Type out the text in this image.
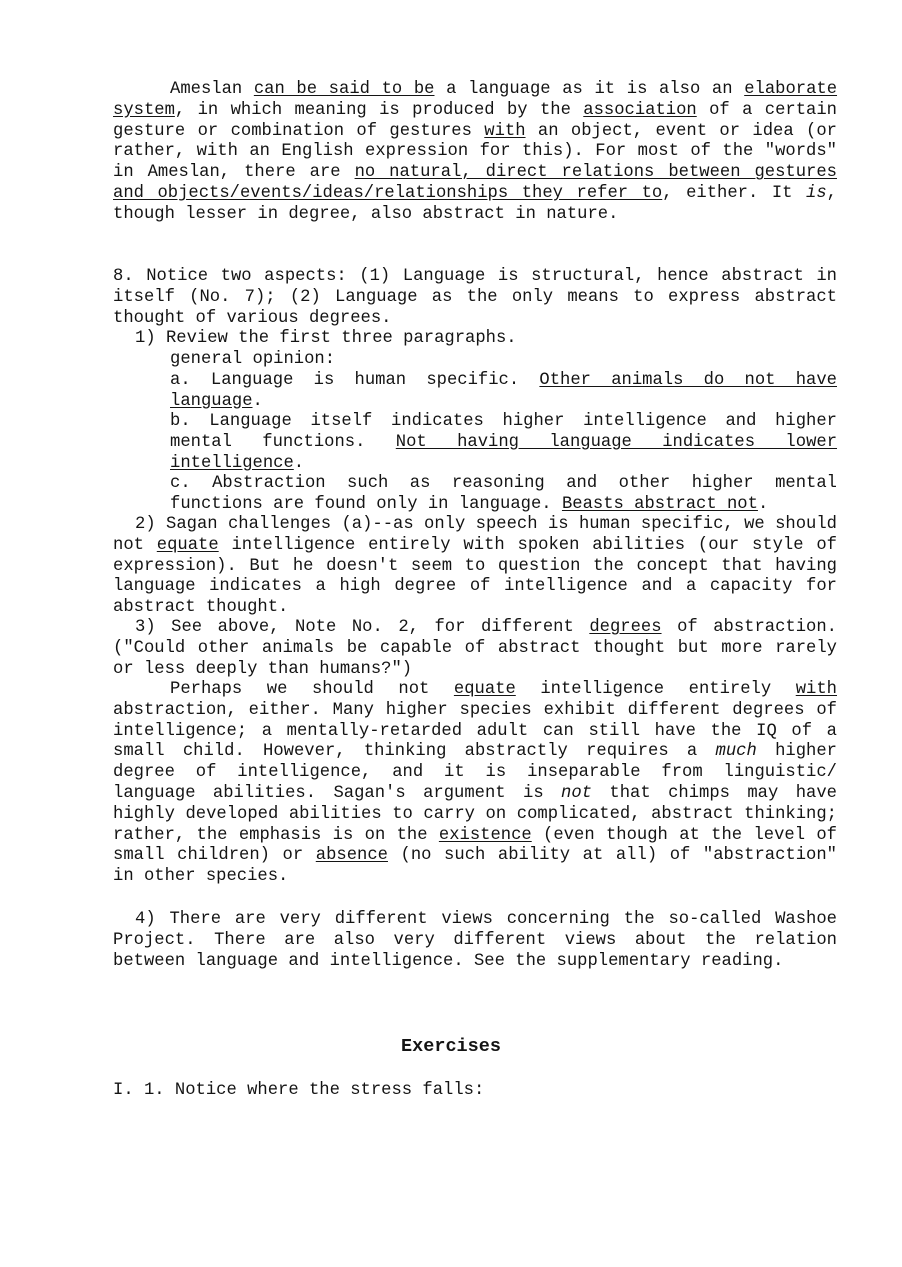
Ameslan can be said to be a language as it is also an elaborate system, in which meaning is produced by the association of a certain gesture or combination of gestures with an object, event or idea (or rather, with an English expression for this). For most of the "words" in Ameslan, there are no natural, direct relations between gestures and objects/events/ideas/relationships they refer to, either. It is, though lesser in degree, also abstract in nature.

8. Notice two aspects: (1) Language is structural, hence abstract in itself (No. 7); (2) Language as the only means to express abstract thought of various degrees.

1) Review the first three paragraphs.

general opinion:

a. Language is human specific. Other animals do not have language.

b. Language itself indicates higher intelligence and higher mental functions. Not having language indicates lower intelligence.

c. Abstraction such as reasoning and other higher mental functions are found only in language. Beasts abstract not.

2) Sagan challenges (a)--as only speech is human specific, we should not equate intelligence entirely with spoken abilities (our style of expression). But he doesn't seem to question the concept that having language indicates a high degree of intelligence and a capacity for abstract thought.

3) See above, Note No. 2, for different degrees of abstraction. ("Could other animals be capable of abstract thought but more rarely or less deeply than humans?")

Perhaps we should not equate intelligence entirely with abstraction, either. Many higher species exhibit different degrees of intelligence; a mentally-retarded adult can still have the IQ of a small child. However, thinking abstractly requires a much higher degree of intelligence, and it is inseparable from linguistic/ language abilities. Sagan's argument is not that chimps may have highly developed abilities to carry on complicated, abstract thinking; rather, the emphasis is on the existence (even though at the level of small children) or absence (no such ability at all) of "abstraction" in other species.

4) There are very different views concerning the so-called Washoe Project. There are also very different views about the relation between language and intelligence. See the supplementary reading.

Exercises

I. 1. Notice where the stress falls:
